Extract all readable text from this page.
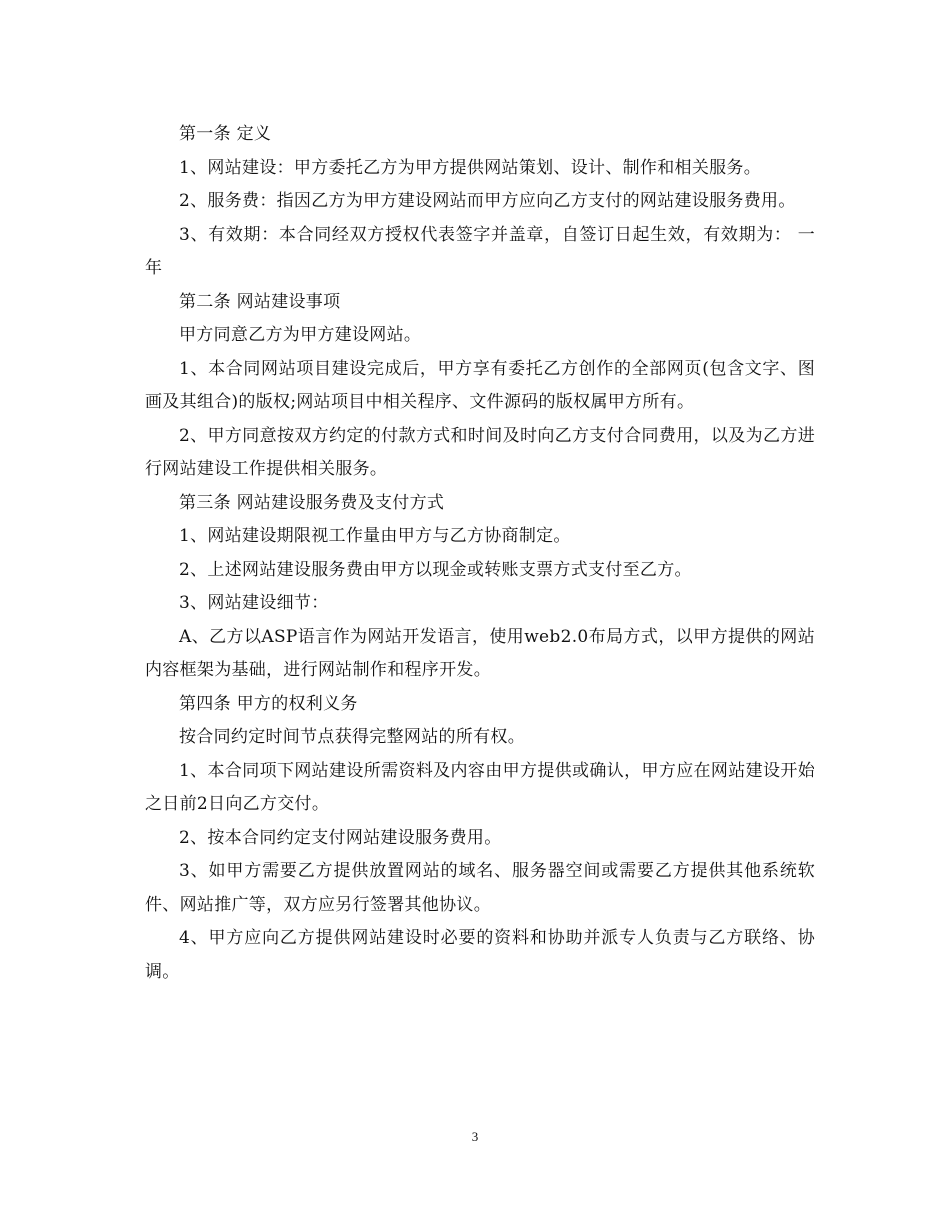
第一条 定义

1、网站建设：甲方委托乙方为甲方提供网站策划、设计、制作和相关服务。

2、服务费：指因乙方为甲方建设网站而甲方应向乙方支付的网站建设服务费用。

3、有效期：本合同经双方授权代表签字并盖章，自签订日起生效，有效期为： 一年

第二条 网站建设事项

甲方同意乙方为甲方建设网站。

1、本合同网站项目建设完成后，甲方享有委托乙方创作的全部网页(包含文字、图画及其组合)的版权;网站项目中相关程序、文件源码的版权属甲方所有。

2、甲方同意按双方约定的付款方式和时间及时向乙方支付合同费用，以及为乙方进行网站建设工作提供相关服务。

第三条 网站建设服务费及支付方式

1、网站建设期限视工作量由甲方与乙方协商制定。

2、上述网站建设服务费由甲方以现金或转账支票方式支付至乙方。

3、网站建设细节：

A、乙方以ASP语言作为网站开发语言，使用web2.0布局方式，以甲方提供的网站内容框架为基础，进行网站制作和程序开发。

第四条 甲方的权利义务

按合同约定时间节点获得完整网站的所有权。

1、本合同项下网站建设所需资料及内容由甲方提供或确认，甲方应在网站建设开始之日前2日向乙方交付。

2、按本合同约定支付网站建设服务费用。

3、如甲方需要乙方提供放置网站的域名、服务器空间或需要乙方提供其他系统软件、网站推广等，双方应另行签署其他协议。

4、甲方应向乙方提供网站建设时必要的资料和协助并派专人负责与乙方联络、协调。

3
